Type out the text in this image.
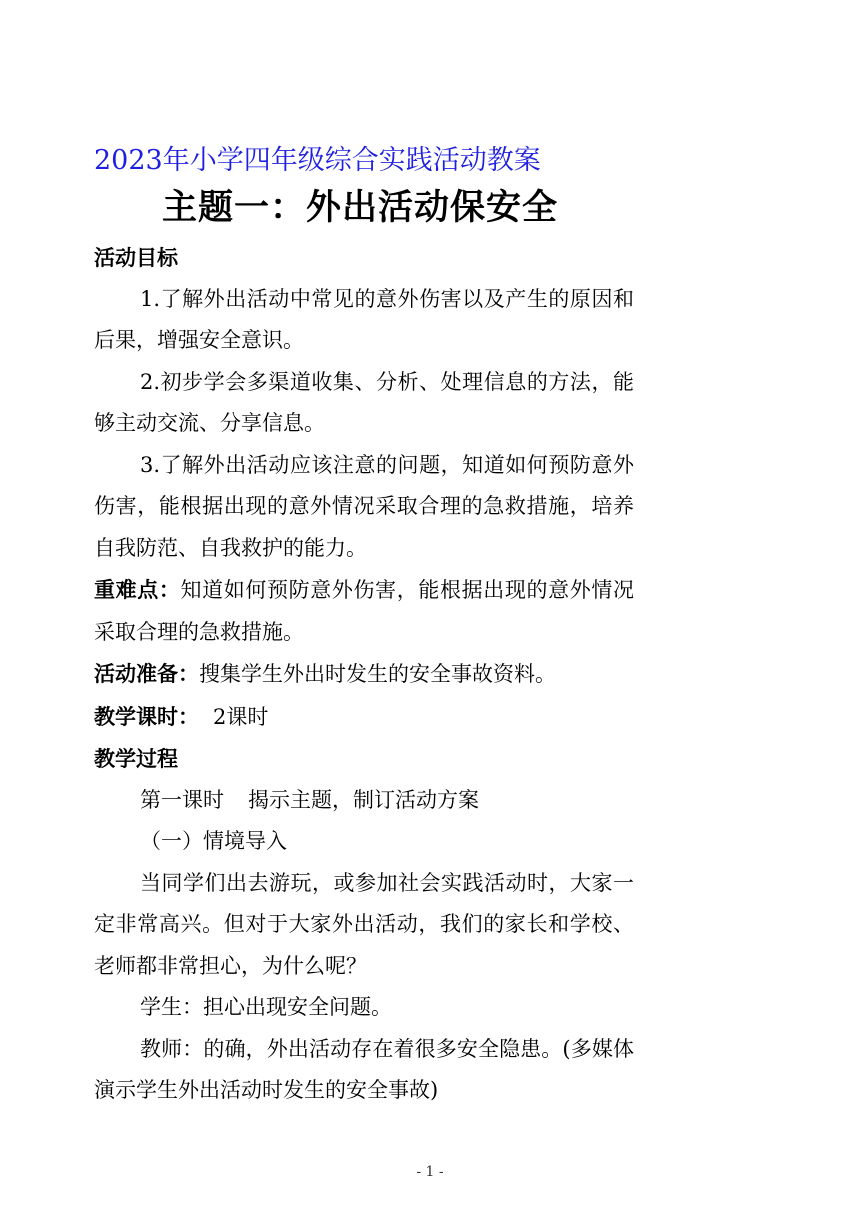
2023年小学四年级综合实践活动教案
主题一：外出活动保安全

活动目标

1.了解外出活动中常见的意外伤害以及产生的原因和后果，增强安全意识。

2.初步学会多渠道收集、分析、处理信息的方法，能够主动交流、分享信息。

3.了解外出活动应该注意的问题，知道如何预防意外伤害，能根据出现的意外情况采取合理的急救措施，培养自我防范、自我救护的能力。

重难点：知道如何预防意外伤害，能根据出现的意外情况采取合理的急救措施。

活动准备：搜集学生外出时发生的安全事故资料。

教学课时： 2课时

教学过程

第一课时 揭示主题，制订活动方案

（一）情境导入

当同学们出去游玩，或参加社会实践活动时，大家一定非常高兴。但对于大家外出活动，我们的家长和学校、老师都非常担心，为什么呢？

学生：担心出现安全问题。

教师：的确，外出活动存在着很多安全隐患。(多媒体演示学生外出活动时发生的安全事故)

- 1 -
